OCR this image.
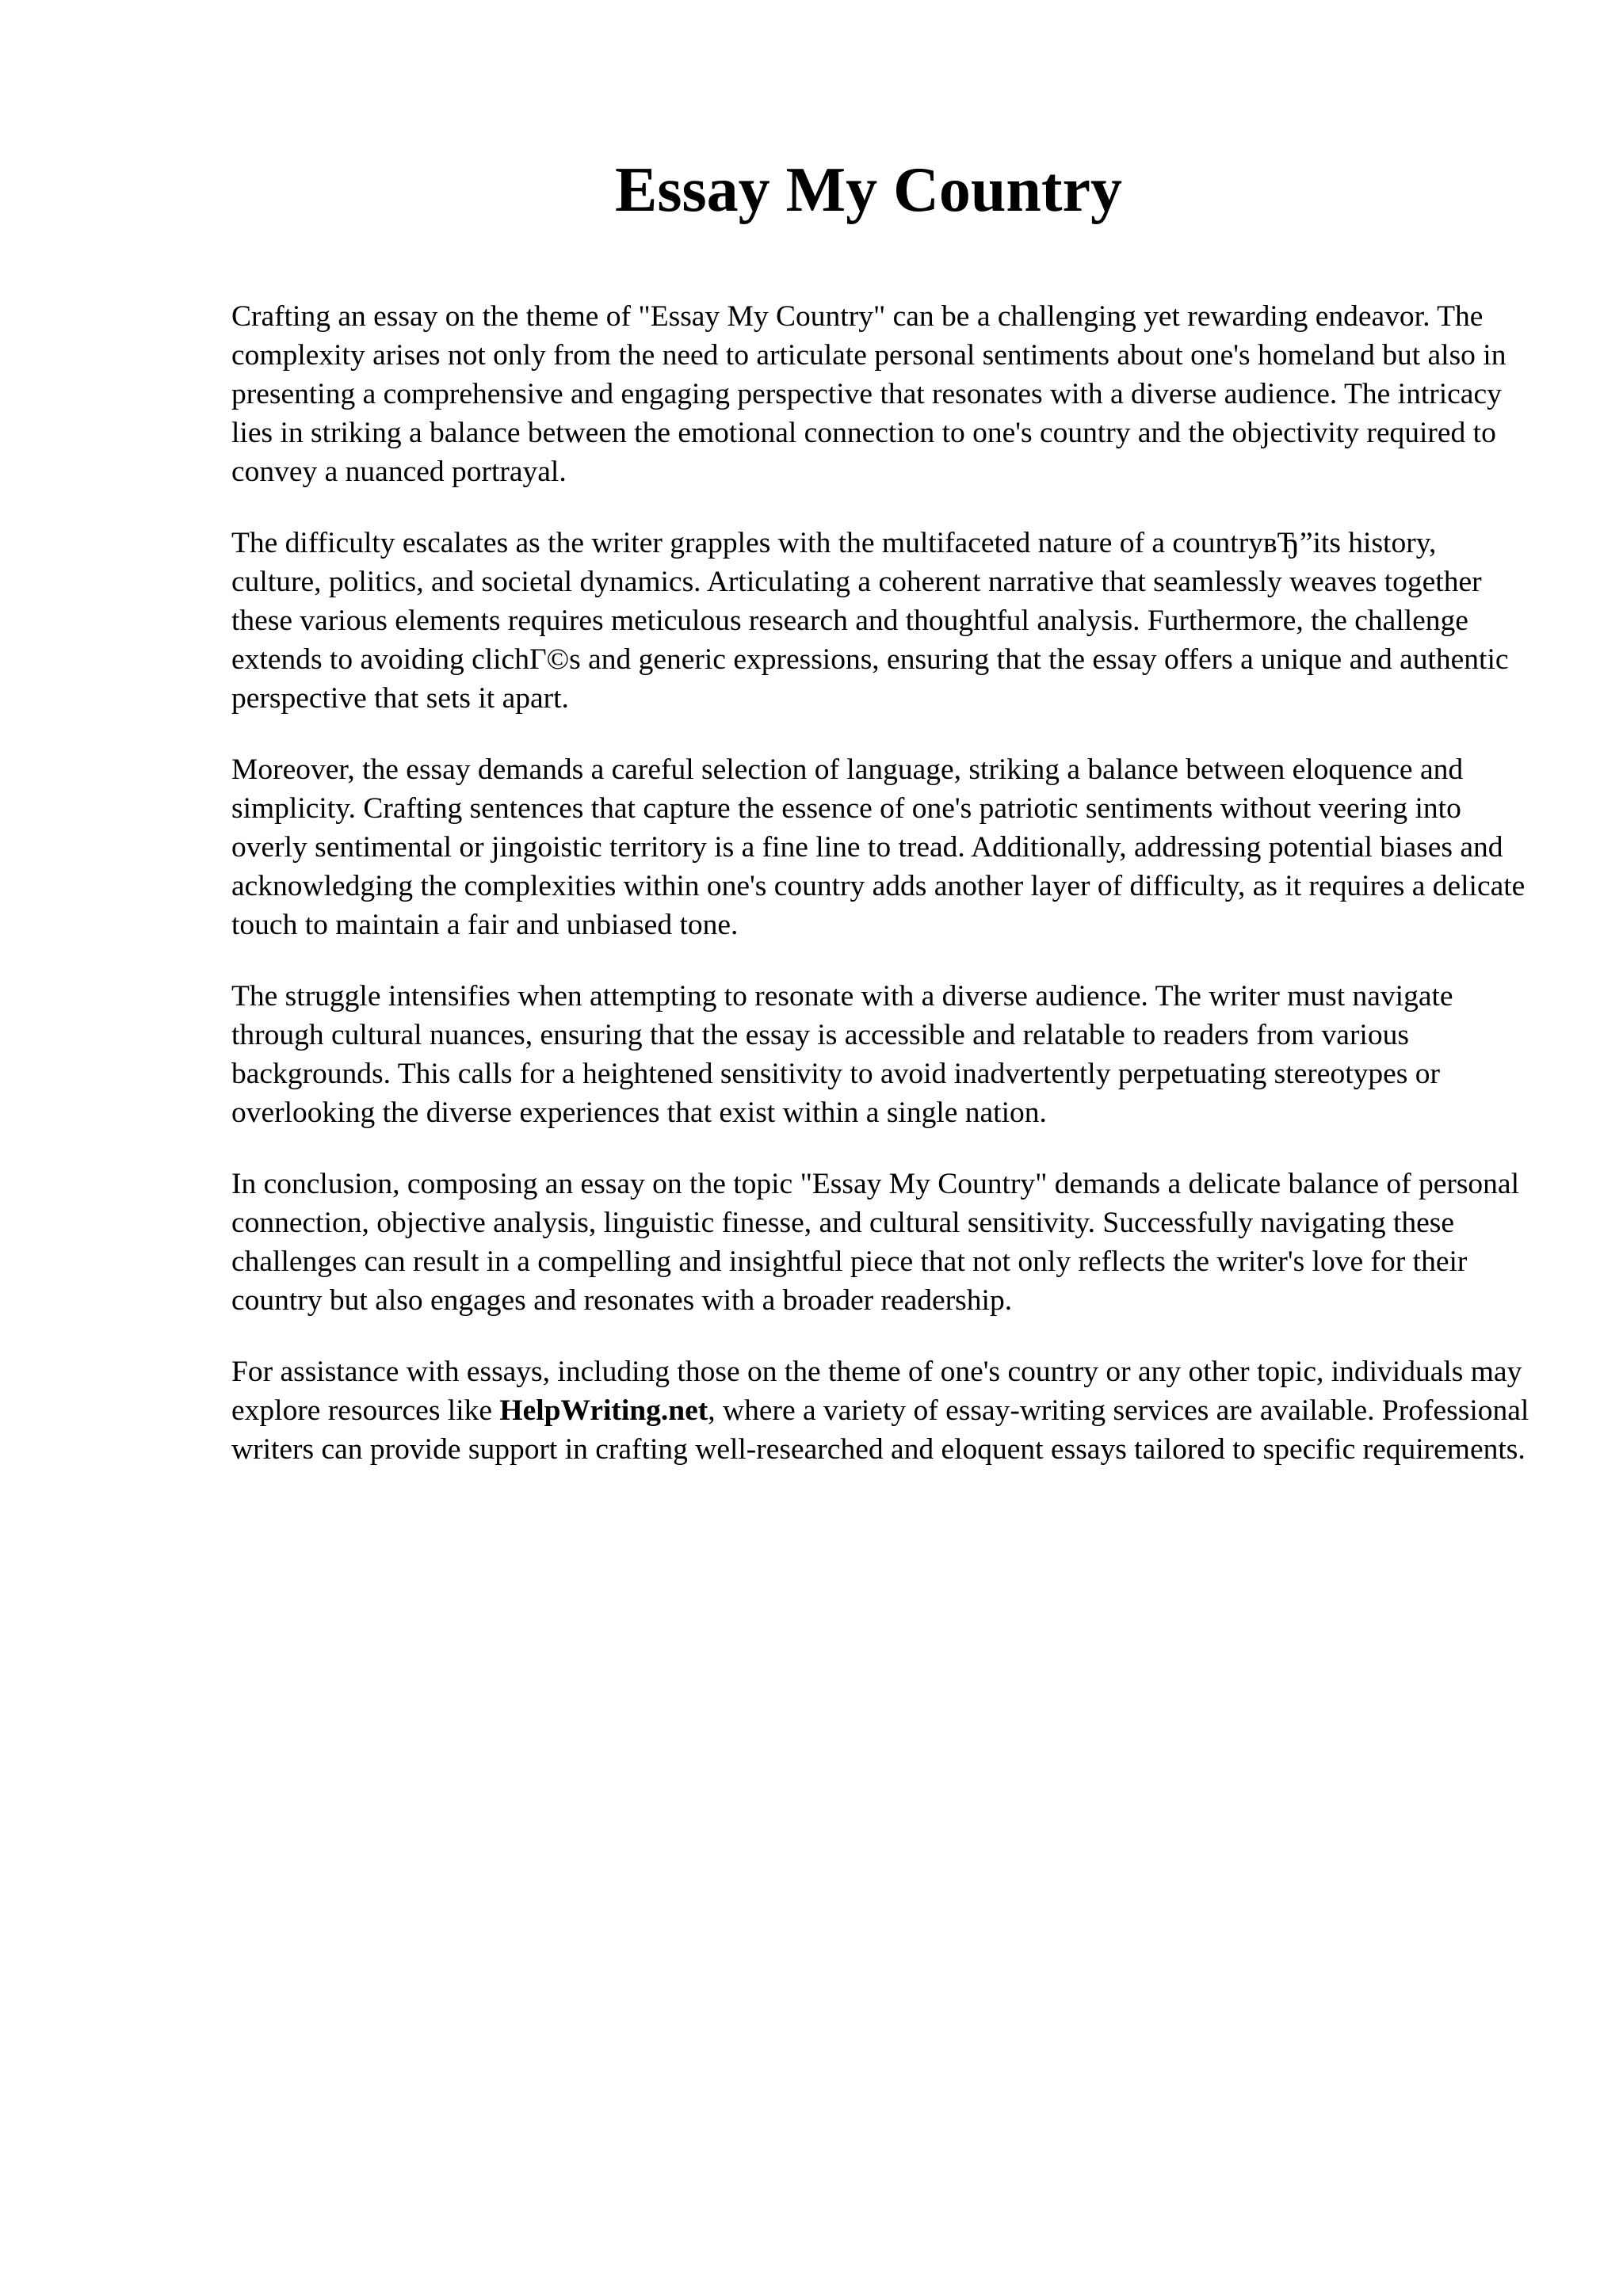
Essay My Country

Crafting an essay on the theme of "Essay My Country" can be a challenging yet rewarding endeavor. The complexity arises not only from the need to articulate personal sentiments about one's homeland but also in presenting a comprehensive and engaging perspective that resonates with a diverse audience. The intricacy lies in striking a balance between the emotional connection to one's country and the objectivity required to convey a nuanced portrayal.

The difficulty escalates as the writer grapples with the multifaceted nature of a countryвЂ”its history, culture, politics, and societal dynamics. Articulating a coherent narrative that seamlessly weaves together these various elements requires meticulous research and thoughtful analysis. Furthermore, the challenge extends to avoiding clichГ©s and generic expressions, ensuring that the essay offers a unique and authentic perspective that sets it apart.

Moreover, the essay demands a careful selection of language, striking a balance between eloquence and simplicity. Crafting sentences that capture the essence of one's patriotic sentiments without veering into overly sentimental or jingoistic territory is a fine line to tread. Additionally, addressing potential biases and acknowledging the complexities within one's country adds another layer of difficulty, as it requires a delicate touch to maintain a fair and unbiased tone.

The struggle intensifies when attempting to resonate with a diverse audience. The writer must navigate through cultural nuances, ensuring that the essay is accessible and relatable to readers from various backgrounds. This calls for a heightened sensitivity to avoid inadvertently perpetuating stereotypes or overlooking the diverse experiences that exist within a single nation.

In conclusion, composing an essay on the topic "Essay My Country" demands a delicate balance of personal connection, objective analysis, linguistic finesse, and cultural sensitivity. Successfully navigating these challenges can result in a compelling and insightful piece that not only reflects the writer's love for their country but also engages and resonates with a broader readership.

For assistance with essays, including those on the theme of one's country or any other topic, individuals may explore resources like HelpWriting.net, where a variety of essay-writing services are available. Professional writers can provide support in crafting well-researched and eloquent essays tailored to specific requirements.
